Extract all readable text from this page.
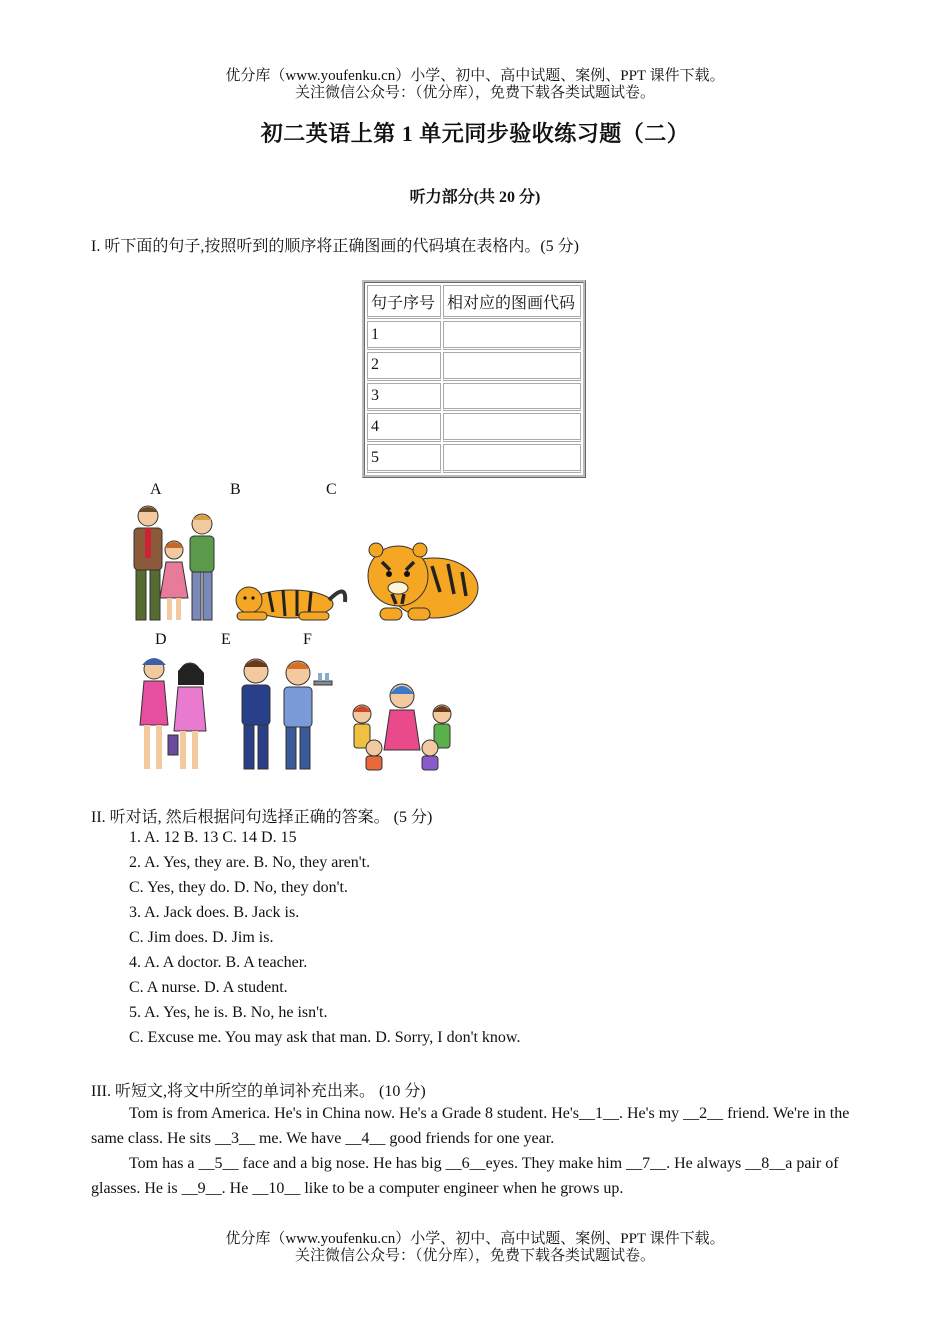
优分库（www.youfenku.cn）小学、初中、高中试题、案例、PPT 课件下载。
关注微信公众号：（优分库），免费下载各类试题试卷。
初二英语上第 1 单元同步验收练习题（二）
听力部分(共 20 分)
I. 听下面的句子,按照听到的顺序将正确图画的代码填在表格内。(5 分)
句子序号	相对应的图画代码
1	
2	
3	
4	
5	
A	B	C
D	E	F
II. 听对话, 然后根据问句选择正确的答案。 (5 分)
1. A. 12 B. 13 C. 14 D. 15
2. A. Yes, they are. B. No, they aren't.
C. Yes, they do. D. No, they don't.
3. A. Jack does. B. Jack is.
C. Jim does. D. Jim is.
4. A. A doctor. B. A teacher.
C. A nurse. D. A student.
5. A. Yes, he is. B. No, he isn't.
C. Excuse me. You may ask that man. D. Sorry, I don't know.
III. 听短文,将文中所空的单词补充出来。 (10 分)

Tom is from America. He's in China now. He's a Grade 8 student. He's__1__. He's my __2__ friend. We're in the same class. He sits __3__ me. We have __4__ good friends for one year.

Tom has a __5__ face and a big nose. He has big __6__eyes. They make him __7__. He always __8__a pair of glasses. He is __9__. He __10__ like to be a computer engineer when he grows up.

优分库（www.youfenku.cn）小学、初中、高中试题、案例、PPT 课件下载。
关注微信公众号：（优分库），免费下载各类试题试卷。
